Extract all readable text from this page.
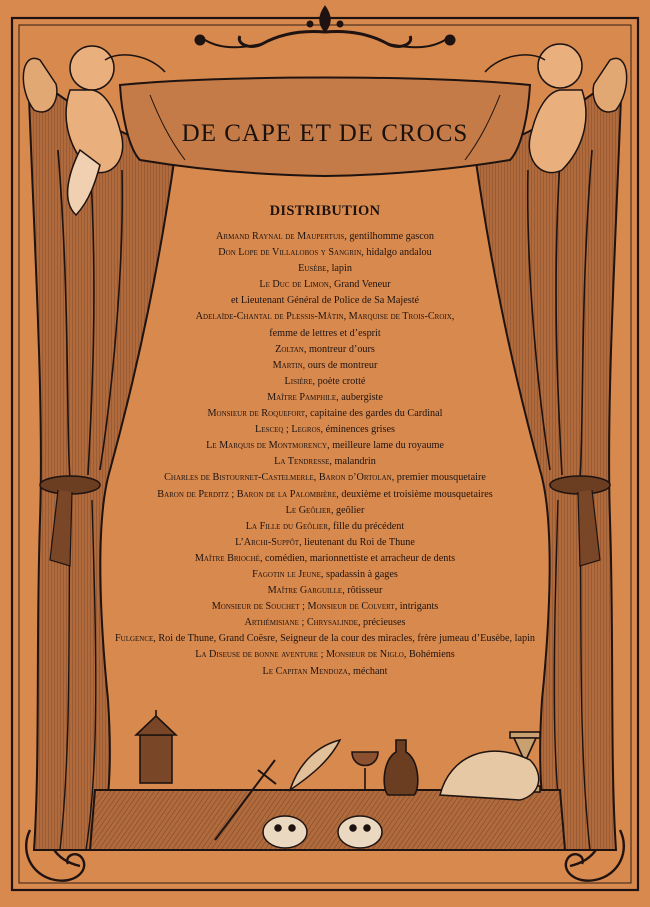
DE CAPE ET DE CROCS
DISTRIBUTION
Armand Raynal de Maupertuis, gentilhomme gascon
Don Lope de Villalobos y Sangrin, hidalgo andalou
Eusèbe, lapin
Le Duc de Limon, Grand Veneur
et Lieutenant Général de Police de Sa Majesté
Adelaïde-Chantal de Plessis-Mâtin, Marquise de Trois-Croix,
femme de lettres et d’esprit
Zoltan, montreur d’ours
Martin, ours de montreur
Lisière, poète crotté
Maître Pamphile, aubergiste
Monsieur de Roquefort, capitaine des gardes du Cardinal
Lesceq ; Legros, éminences grises
Le Marquis de Montmorency, meilleure lame du royaume
La Tendresse, malandrin
Charles de Bistournet-Castelmerle, Baron d’Ortolan, premier mousquetaire
Baron de Perditz ; Baron de la Palombière, deuxième et troisième mousquetaires
Le Geôlier, geôlier
La Fille du Geôlier, fille du précédent
L’Archi-Suppôt, lieutenant du Roi de Thune
Maître Brioché, comédien, marionnettiste et arracheur de dents
Fagotin le Jeune, spadassin à gages
Maître Garguille, rôtisseur
Monsieur de Souchet ; Monsieur de Colvert, intrigants
Arthémisiane ; Chrysalinde, précieuses
Fulgence, Roi de Thune, Grand Coësre, Seigneur de la cour des miracles, frère jumeau d’Eusèbe, lapin
La Diseuse de bonne aventure ; Monsieur de Niglo, Bohémiens
Le Capitan Mendoza, méchant
